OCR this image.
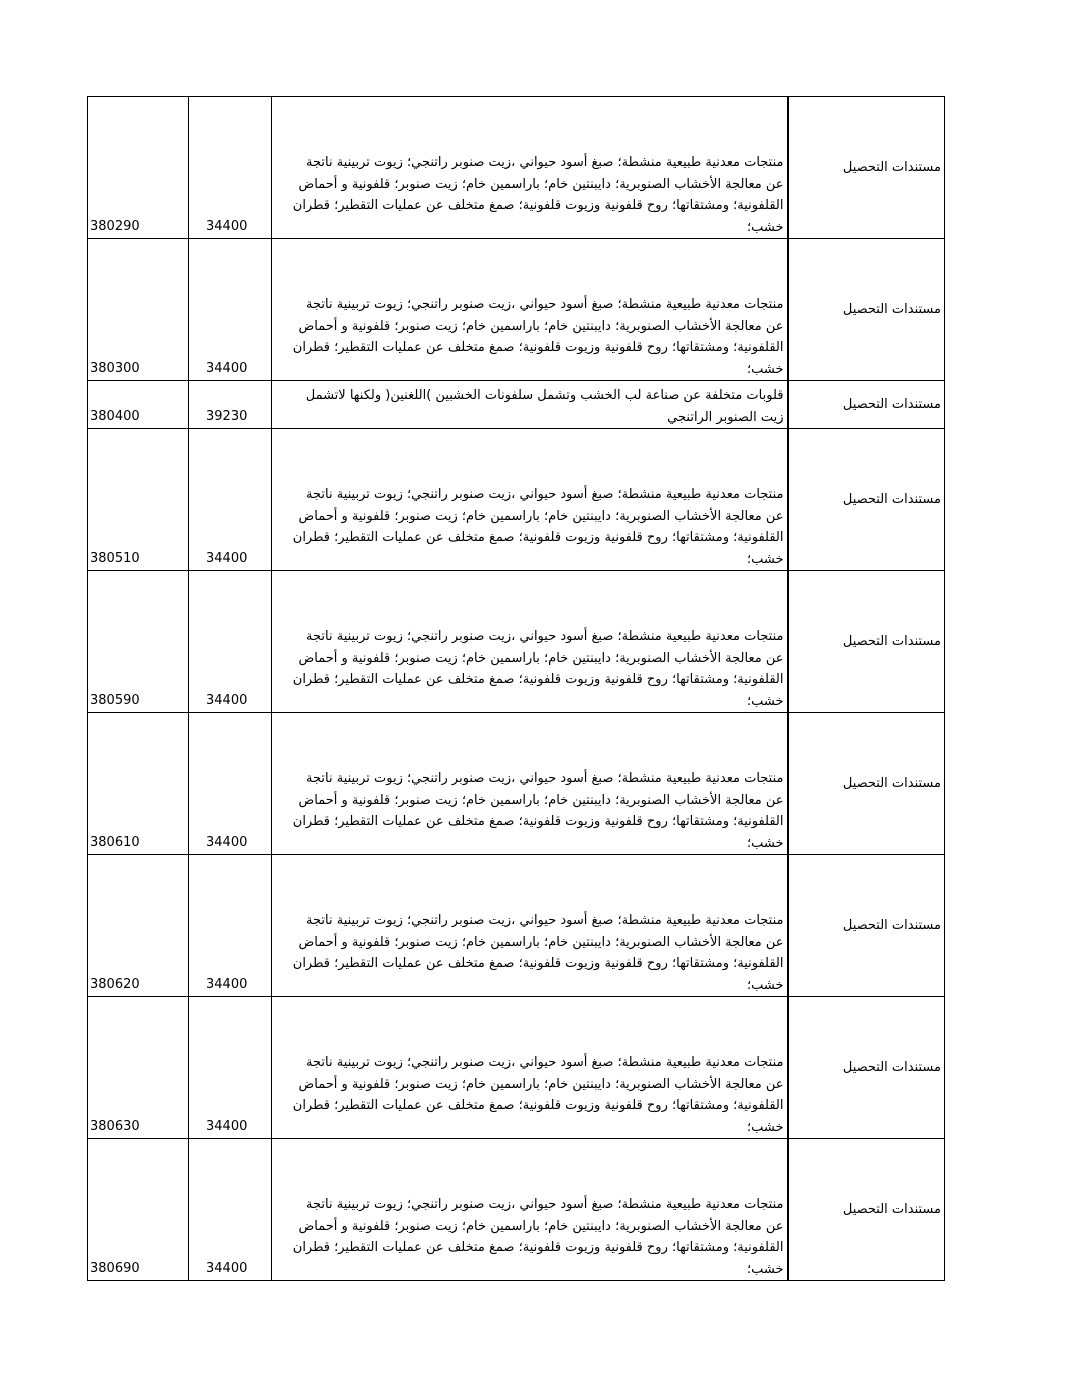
380290	34400	منتجات معدنية طبيعية منشطة؛ صبغ أسود حيواني ،زيت صنوبر راتنجي؛ زيوت تربينية ناتجة عن معالجة الأخشاب الصنوبرية؛ دايبنتين خام؛ باراسمين خام؛ زيت صنوبر؛ قلفونية و أحماض القلفونية؛ ومشتقاتها؛ روح قلفونية وزيوت قلفونية؛ صمغ متخلف عن عمليات التقطير؛ قطران خشب؛	مستندات التحصيل
380300	34400	منتجات معدنية طبيعية منشطة؛ صبغ أسود حيواني ،زيت صنوبر راتنجي؛ زيوت تربينية ناتجة عن معالجة الأخشاب الصنوبرية؛ دايبنتين خام؛ باراسمين خام؛ زيت صنوبر؛ قلفونية و أحماض القلفونية؛ ومشتقاتها؛ روح قلفونية وزيوت قلفونية؛ صمغ متخلف عن عمليات التقطير؛ قطران خشب؛	مستندات التحصيل
380400	39230	قلوبات متخلفة عن صناعة لب الخشب وتشمل سلفونات الخشبين )اللغنين( ولكنها لاتشمل زيت الصنوبر الراتنجي	مستندات التحصيل
380510	34400	منتجات معدنية طبيعية منشطة؛ صبغ أسود حيواني ،زيت صنوبر راتنجي؛ زيوت تربينية ناتجة عن معالجة الأخشاب الصنوبرية؛ دايبنتين خام؛ باراسمين خام؛ زيت صنوبر؛ قلفونية و أحماض القلفونية؛ ومشتقاتها؛ روح قلفونية وزيوت قلفونية؛ صمغ متخلف عن عمليات التقطير؛ قطران خشب؛	مستندات التحصيل
380590	34400	منتجات معدنية طبيعية منشطة؛ صبغ أسود حيواني ،زيت صنوبر راتنجي؛ زيوت تربينية ناتجة عن معالجة الأخشاب الصنوبرية؛ دايبنتين خام؛ باراسمين خام؛ زيت صنوبر؛ قلفونية و أحماض القلفونية؛ ومشتقاتها؛ روح قلفونية وزيوت قلفونية؛ صمغ متخلف عن عمليات التقطير؛ قطران خشب؛	مستندات التحصيل
380610	34400	منتجات معدنية طبيعية منشطة؛ صبغ أسود حيواني ،زيت صنوبر راتنجي؛ زيوت تربينية ناتجة عن معالجة الأخشاب الصنوبرية؛ دايبنتين خام؛ باراسمين خام؛ زيت صنوبر؛ قلفونية و أحماض القلفونية؛ ومشتقاتها؛ روح قلفونية وزيوت قلفونية؛ صمغ متخلف عن عمليات التقطير؛ قطران خشب؛	مستندات التحصيل
380620	34400	منتجات معدنية طبيعية منشطة؛ صبغ أسود حيواني ،زيت صنوبر راتنجي؛ زيوت تربينية ناتجة عن معالجة الأخشاب الصنوبرية؛ دايبنتين خام؛ باراسمين خام؛ زيت صنوبر؛ قلفونية و أحماض القلفونية؛ ومشتقاتها؛ روح قلفونية وزيوت قلفونية؛ صمغ متخلف عن عمليات التقطير؛ قطران خشب؛	مستندات التحصيل
380630	34400	منتجات معدنية طبيعية منشطة؛ صبغ أسود حيواني ،زيت صنوبر راتنجي؛ زيوت تربينية ناتجة عن معالجة الأخشاب الصنوبرية؛ دايبنتين خام؛ باراسمين خام؛ زيت صنوبر؛ قلفونية و أحماض القلفونية؛ ومشتقاتها؛ روح قلفونية وزيوت قلفونية؛ صمغ متخلف عن عمليات التقطير؛ قطران خشب؛	مستندات التحصيل
380690	34400	منتجات معدنية طبيعية منشطة؛ صبغ أسود حيواني ،زيت صنوبر راتنجي؛ زيوت تربينية ناتجة عن معالجة الأخشاب الصنوبرية؛ دايبنتين خام؛ باراسمين خام؛ زيت صنوبر؛ قلفونية و أحماض القلفونية؛ ومشتقاتها؛ روح قلفونية وزيوت قلفونية؛ صمغ متخلف عن عمليات التقطير؛ قطران خشب؛	مستندات التحصيل
